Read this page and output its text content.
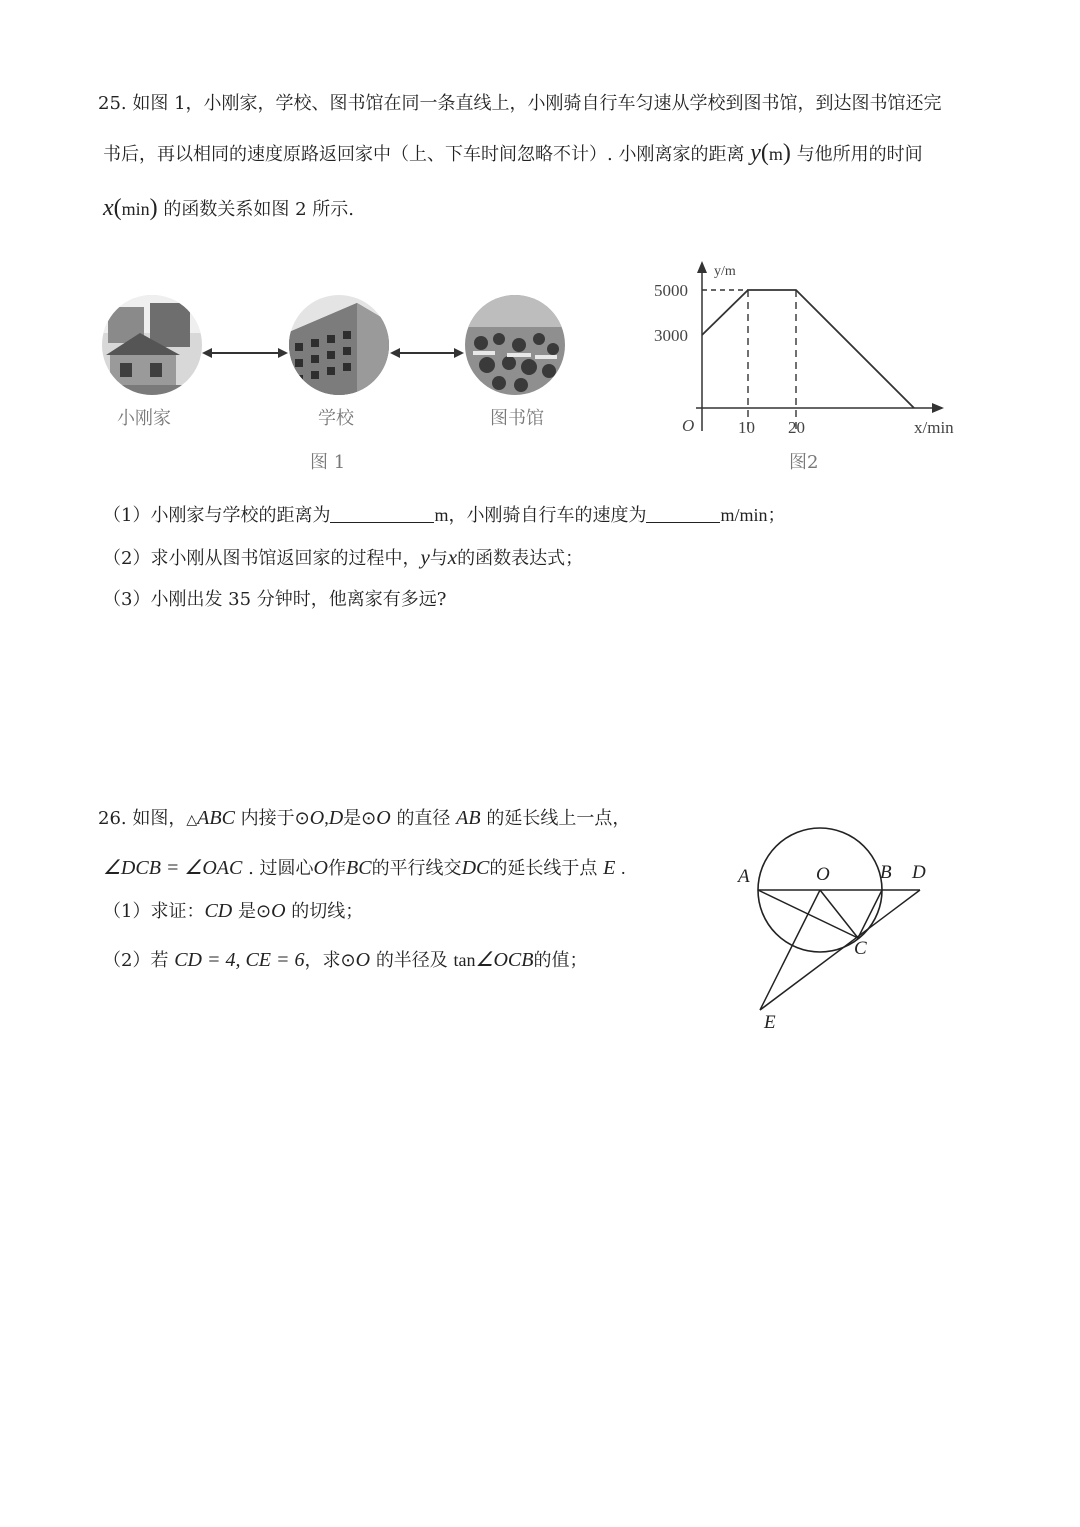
25. 如图 1，小刚家，学校、图书馆在同一条直线上，小刚骑自行车匀速从学校到图书馆，到达图书馆还完
书后，再以相同的速度原路返回家中（上、下车时间忽略不计）. 小刚离家的距离 y(m) 与他所用的时间
x(min) 的函数关系如图 2 所示.
小刚家	学校	图书馆
图 1
y/m
5000
3000
O	10 20	x/min
图2
（1）小刚家与学校的距离为	m，小刚骑自行车的速度为	m/min；
（2）求小刚从图书馆返回家的过程中，y与x的函数表达式；
（3）小刚出发 35 分钟时，他离家有多远?
26. 如图，△ABC 内接于⊙O,D是⊙O 的直径 AB 的延长线上一点，
∠DCB = ∠OAC . 过圆心O作BC的平行线交DC的延长线于点 E .
（1）求证：CD 是⊙O 的切线；
（2）若 CD = 4, CE = 6，求⊙O 的半径及 tan∠OCB的值；
A	O	B D
C
E
